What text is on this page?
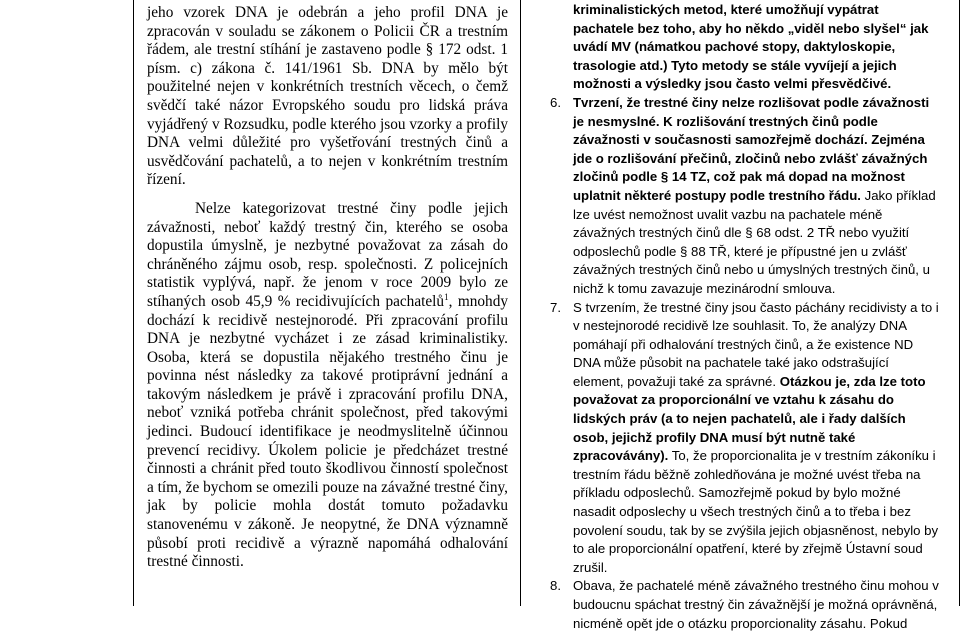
jeho vzorek DNA je odebrán a jeho profil DNA je zpracován v souladu se zákonem o Policii ČR a trestním řádem, ale trestní stíhání je zastaveno podle § 172 odst. 1 písm. c) zákona č. 141/1961 Sb. DNA by mělo být použitelné nejen v konkrétních trestních věcech, o čemž svědčí také názor Evropského soudu pro lidská práva vyjádřený v Rozsudku, podle kterého jsou vzorky a profily DNA velmi důležité pro vyšetřování trestných činů a usvědčování pachatelů, a to nejen v konkrétním trestním řízení.

Nelze kategorizovat trestné činy podle jejich závažnosti, neboť každý trestný čin, kterého se osoba dopustila úmyslně, je nezbytné považovat za zásah do chráněného zájmu osob, resp. společnosti. Z policejních statistik vyplývá, např. že jenom v roce 2009 bylo ze stíhaných osob 45,9 % recidivujících pachatelů$^1$, mnohdy dochází k recidivě nestejnorodé. Při zpracování profilu DNA je nezbytné vycházet i ze zásad kriminalistiky. Osoba, která se dopustila nějakého trestného činu je povinna nést následky za takové protiprávní jednání a takovým následkem je právě i zpracování profilu DNA, neboť vzniká potřeba chránit společnost, před takovými jedinci. Budoucí identifikace je neodmyslitelně účinnou prevencí recidivy. Úkolem policie je předcházet trestné činnosti a chránit před touto škodlivou činností společnost a tím, že bychom se omezili pouze na závažné trestné činy, jak by policie mohla dostát tomuto požadavku stanovenému v zákoně. Je neopytné, že DNA významně působí proti recidivě a výrazně napomáhá odhalování trestné činnosti.

kriminalistických metod, které umožňují vypátrat pachatele bez toho, aby ho někdo „viděl nebo slyšel“ jak uvádí MV (námatkou pachové stopy, daktyloskopie, trasologie atd.) Tyto metody se stále vyvíjejí a jejich možnosti a výsledky jsou často velmi přesvědčivé.
6. Tvrzení, že trestné činy nelze rozlišovat podle závažnosti je nesmyslné. K rozlišování trestných činů podle závažnosti v současnosti samozřejmě dochází. Zejména jde o rozlišování přečinů, zločinů nebo zvlášť závažných zločinů podle § 14 TZ, což pak má dopad na možnost uplatnit některé postupy podle trestního řádu. Jako příklad lze uvést nemožnost uvalit vazbu na pachatele méně závažných trestných činů dle § 68 odst. 2 TŘ nebo využití odposlechů podle § 88 TŘ, které je přípustné jen u zvlášť závažných trestných činů nebo u úmyslných trestných činů, u nichž k tomu zavazuje mezinárodní smlouva.
7. S tvrzením, že trestné činy jsou často páchány recidivisty a to i v nestejnorodé recidivě lze souhlasit. To, že analýzy DNA pomáhají při odhalování trestných činů, a že existence ND DNA může působit na pachatele také jako odstrašující element, považuji také za správné. Otázkou je, zda lze toto považovat za proporcionální ve vztahu k zásahu do lidských práv (a to nejen pachatelů, ale i řady dalších osob, jejichž profily DNA musí být nutně také zpracovávány). To, že proporcionalita je v trestním zákoníku i trestním řádu běžně zohledňována je možné uvést třeba na příkladu odposlechů. Samozřejmě pokud by bylo možné nasadit odposlechy u všech trestných činů a to třeba i bez povolení soudu, tak by se zvýšila jejich objasněnost, nebylo by to ale proporcionální opatření, které by zřejmě Ústavní soud zrušil.
8. Obava, že pachatelé méně závažného trestného činu mohou v budoucnu spáchat trestný čin závažnější je možná oprávněná, nicméně opět jde o otázku proporcionality zásahu. Pokud
